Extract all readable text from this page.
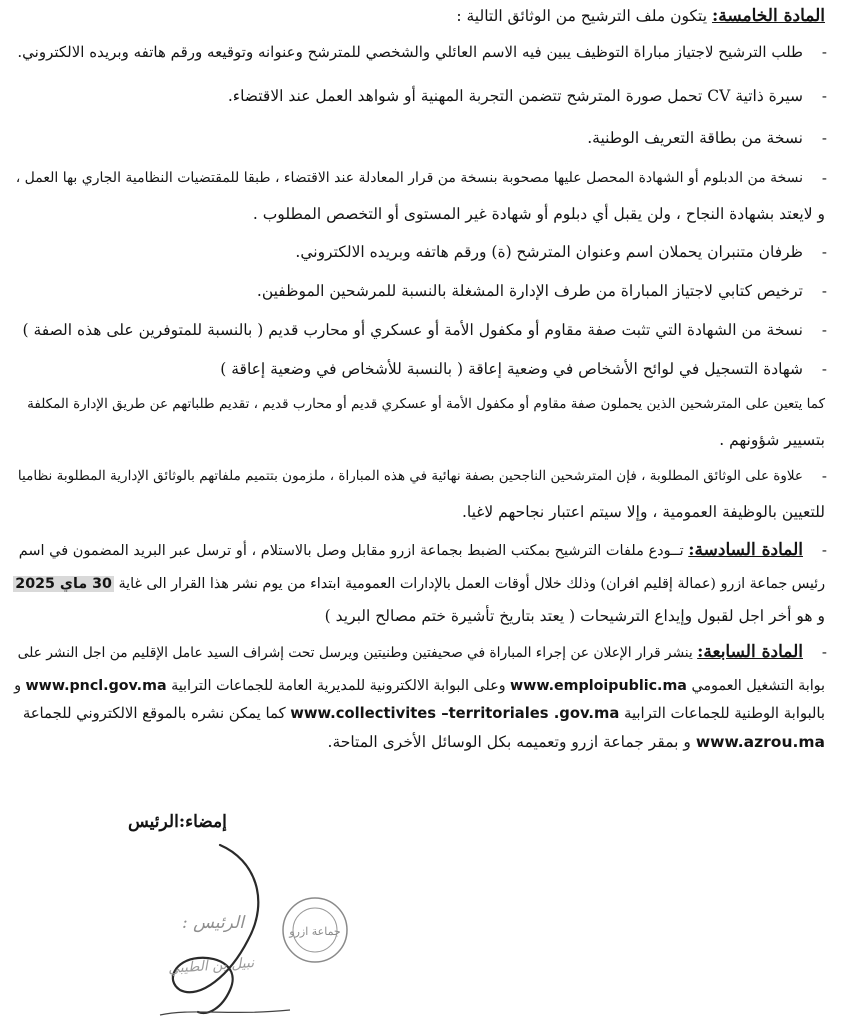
المادة الخامسة: يتكون ملف الترشيح من الوثائق التالية :
-
طلب الترشيح لاجتياز مباراة التوظيف يبين فيه الاسم العائلي والشخصي للمترشح وعنوانه وتوقيعه ورقم هاتفه وبريده الالكتروني.
-
سيرة ذاتية CV تحمل صورة المترشح تتضمن التجربة المهنية أو شواهد العمل عند الاقتضاء.
-
نسخة من بطاقة التعريف الوطنية.
-
نسخة من الدبلوم أو الشهادة المحصل عليها مصحوبة بنسخة من قرار المعادلة عند الاقتضاء ، طبقا للمقتضيات النظامية الجاري بها العمل ،
و لايعتد بشهادة النجاح ، ولن يقبل أي دبلوم أو شهادة غير المستوى أو التخصص المطلوب .
-
ظرفان متنبران يحملان اسم وعنوان المترشح (ة) ورقم هاتفه وبريده الالكتروني.
-
ترخيص كتابي لاجتياز المباراة من طرف الإدارة المشغلة بالنسبة للمرشحين الموظفين.
-
نسخة من الشهادة التي تثبت صفة مقاوم أو مكفول الأمة أو عسكري أو محارب قديم ( بالنسبة للمتوفرين على هذه الصفة )
-
شهادة التسجيل في لوائح الأشخاص في وضعية إعاقة ( بالنسبة للأشخاص في وضعية إعاقة )
كما يتعين على المترشحين الذين يحملون صفة مقاوم أو مكفول الأمة أو عسكري قديم أو محارب قديم ، تقديم طلباتهم عن طريق الإدارة المكلفة
بتسيير شؤونهم .
-
علاوة على الوثائق المطلوبة ، فإن المترشحين الناجحين بصفة نهائية في هذه المباراة ، ملزمون بتتميم ملفاتهم بالوثائق الإدارية المطلوبة نظاميا
للتعيين بالوظيفة العمومية ، وإلا سيتم اعتبار نجاحهم لاغيا.
-
المادة السادسة: تــودع ملفات الترشيح بمكتب الضبط بجماعة ازرو مقابل وصل بالاستلام ، أو ترسل عبر البريد المضمون في اسم
رئيس جماعة ازرو (عمالة إقليم افران) وذلك خلال أوقات العمل بالإدارات العمومية ابتداء من يوم نشر هذا القرار الى غاية 30 ماي 2025
و هو أخر اجل لقبول وإيداع الترشيحات ( يعتد بتاريخ تأشيرة ختم مصالح البريد )
-
المادة السابعة: ينشر قرار الإعلان عن إجراء المباراة في صحيفتين وطنيتين ويرسل تحت إشراف السيد عامل الإقليم من اجل النشر على
بوابة التشغيل العمومي www.emploipublic.ma وعلى البوابة الالكترونية للمديرية العامة للجماعات الترابية www.pncl.gov.ma و
بالبوابة الوطنية للجماعات الترابية www.collectivites –territoriales .gov.ma كما يمكن نشره بالموقع الالكتروني للجماعة
www.azrou.ma و بمقر جماعة ازرو وتعميمه بكل الوسائل الأخرى المتاحة.
إمضاء:الرئيس
جماعة ازرو
الرئيس :
نبيل بن الطيبي
